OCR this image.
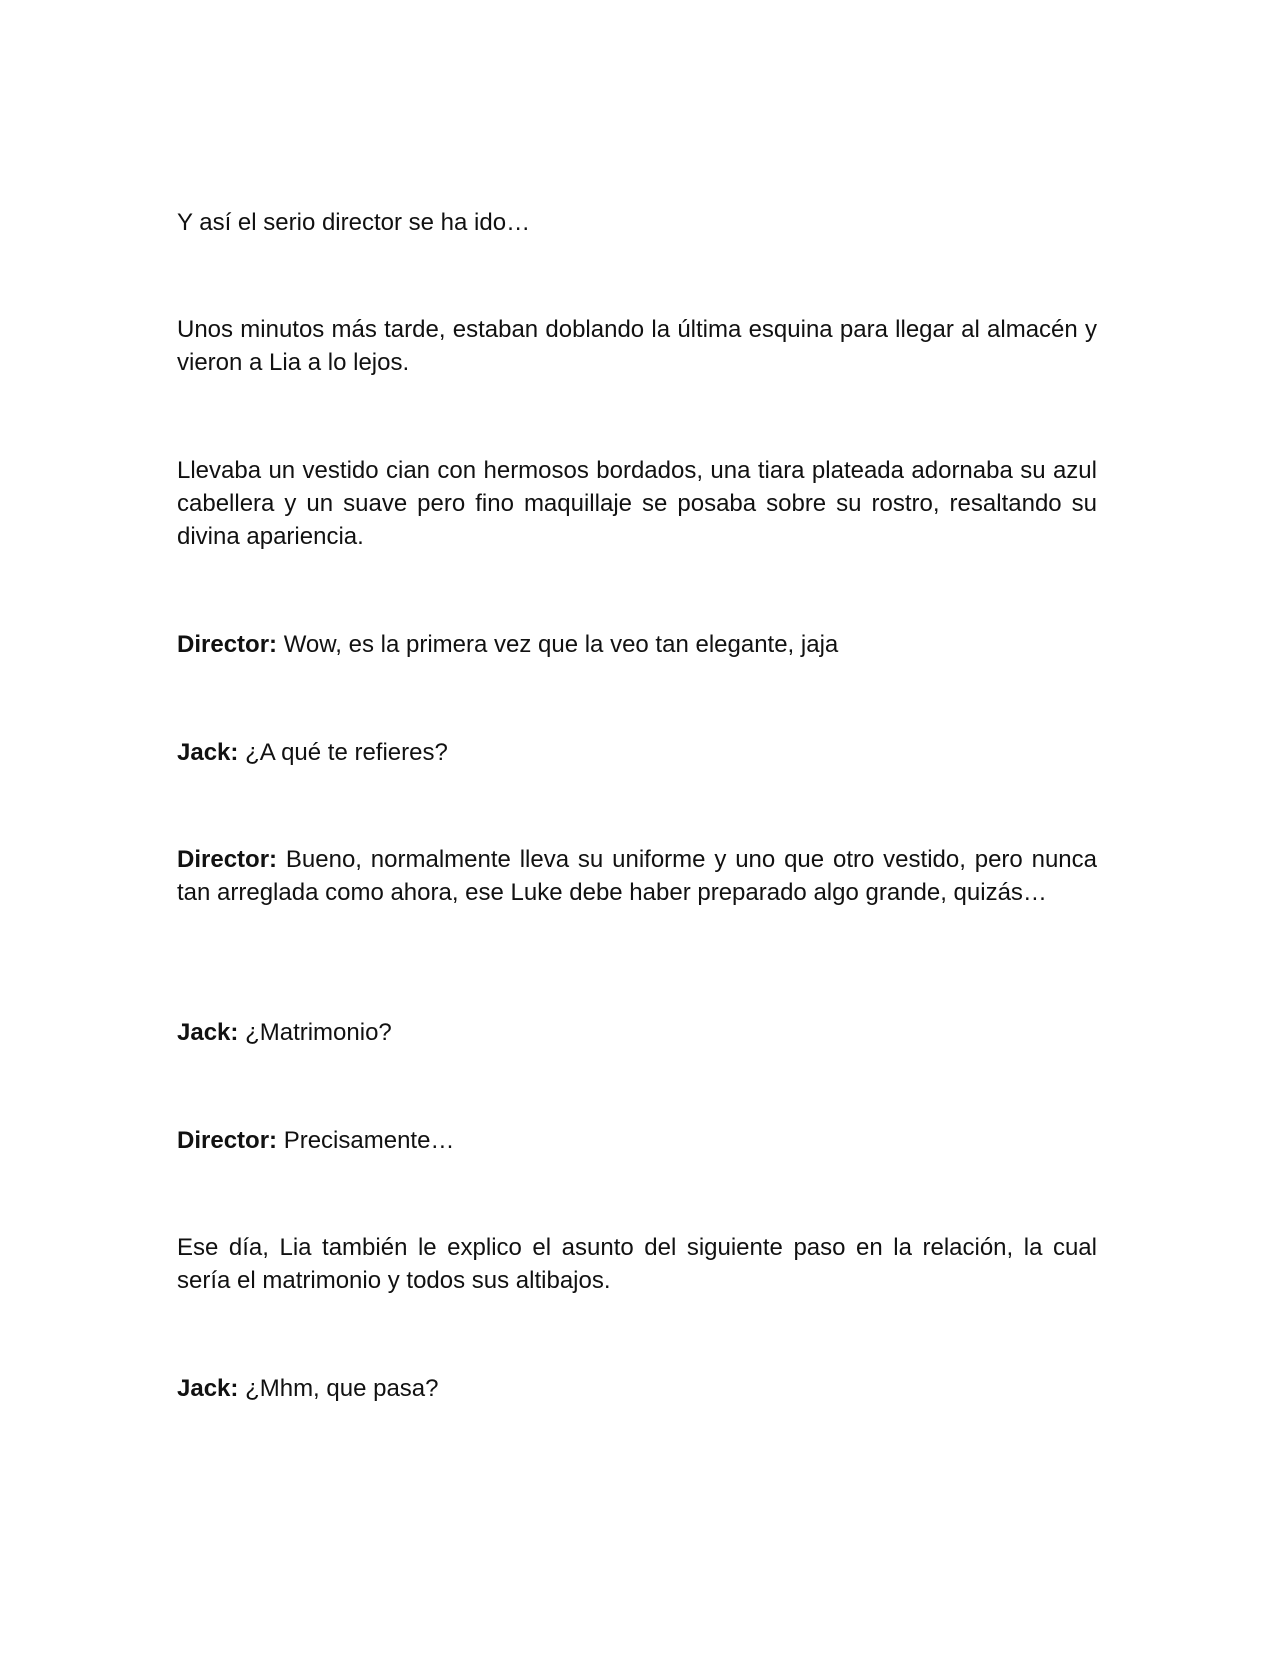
Y así el serio director se ha ido…

Unos minutos más tarde, estaban doblando la última esquina para llegar al almacén y vieron a Lia a lo lejos.

Llevaba un vestido cian con hermosos bordados, una tiara plateada adornaba su azul cabellera y un suave pero fino maquillaje se posaba sobre su rostro, resaltando su divina apariencia.

Director: Wow, es la primera vez que la veo tan elegante, jaja

Jack: ¿A qué te refieres?

Director: Bueno, normalmente lleva su uniforme y uno que otro vestido, pero nunca tan arreglada como ahora, ese Luke debe haber preparado algo grande, quizás…

Jack: ¿Matrimonio?

Director: Precisamente…

Ese día, Lia también le explico el asunto del siguiente paso en la relación, la cual sería el matrimonio y todos sus altibajos.

Jack: ¿Mhm, que pasa?
